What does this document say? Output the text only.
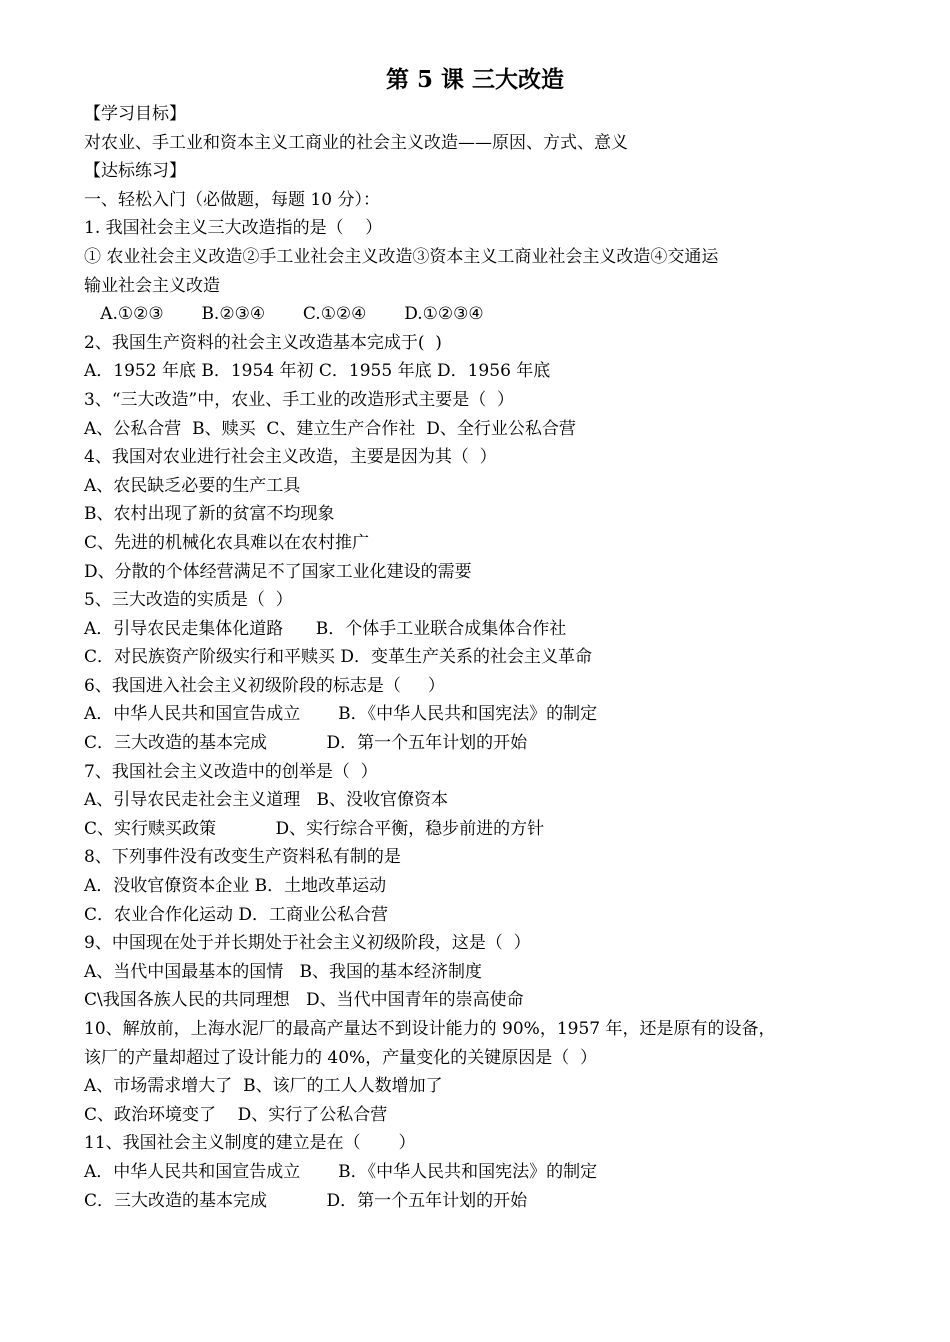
第 5 课 三大改造
【学习目标】
对农业、手工业和资本主义工商业的社会主义改造——原因、方式、意义
【达标练习】
一、轻松入门（必做题，每题 10 分）：
1. 我国社会主义三大改造指的是（    ）
① 农业社会主义改造②手工业社会主义改造③资本主义工商业社会主义改造④交通运
输业社会主义改造
A.①②③       B.②③④       C.①②④       D.①②③④
2、我国生产资料的社会主义改造基本完成于(  )
A．1952 年底 B．1954 年初 C．1955 年底 D．1956 年底
3、“三大改造”中，农业、手工业的改造形式主要是（  ）
A、公私合营  B、赎买  C、建立生产合作社  D、全行业公私合营
4、我国对农业进行社会主义改造，主要是因为其（  ）
A、农民缺乏必要的生产工具
B、农村出现了新的贫富不均现象
C、先进的机械化农具难以在农村推广
D、分散的个体经营满足不了国家工业化建设的需要
5、三大改造的实质是（  ）
A．引导农民走集体化道路      B．个体手工业联合成集体合作社
C．对民族资产阶级实行和平赎买 D．变革生产关系的社会主义革命
6、我国进入社会主义初级阶段的标志是（     ）
A．中华人民共和国宣告成立       B．《中华人民共和国宪法》的制定
C．三大改造的基本完成           D．第一个五年计划的开始
7、我国社会主义改造中的创举是（  ）
A、引导农民走社会主义道理   B、没收官僚资本
C、实行赎买政策           D、实行综合平衡，稳步前进的方针
8、下列事件没有改变生产资料私有制的是
A．没收官僚资本企业 B．土地改革运动
C．农业合作化运动 D．工商业公私合营
9、中国现在处于并长期处于社会主义初级阶段，这是（  ）
A、当代中国最基本的国情   B、我国的基本经济制度
C\我国各族人民的共同理想   D、当代中国青年的崇高使命
10、解放前，上海水泥厂的最高产量达不到设计能力的 90%，1957 年，还是原有的设备，
该厂的产量却超过了设计能力的 40%，产量变化的关键原因是（  ）
A、市场需求增大了  B、该厂的工人人数增加了
C、政治环境变了    D、实行了公私合营
11、我国社会主义制度的建立是在（       ）
A．中华人民共和国宣告成立       B．《中华人民共和国宪法》的制定
C．三大改造的基本完成           D．第一个五年计划的开始
